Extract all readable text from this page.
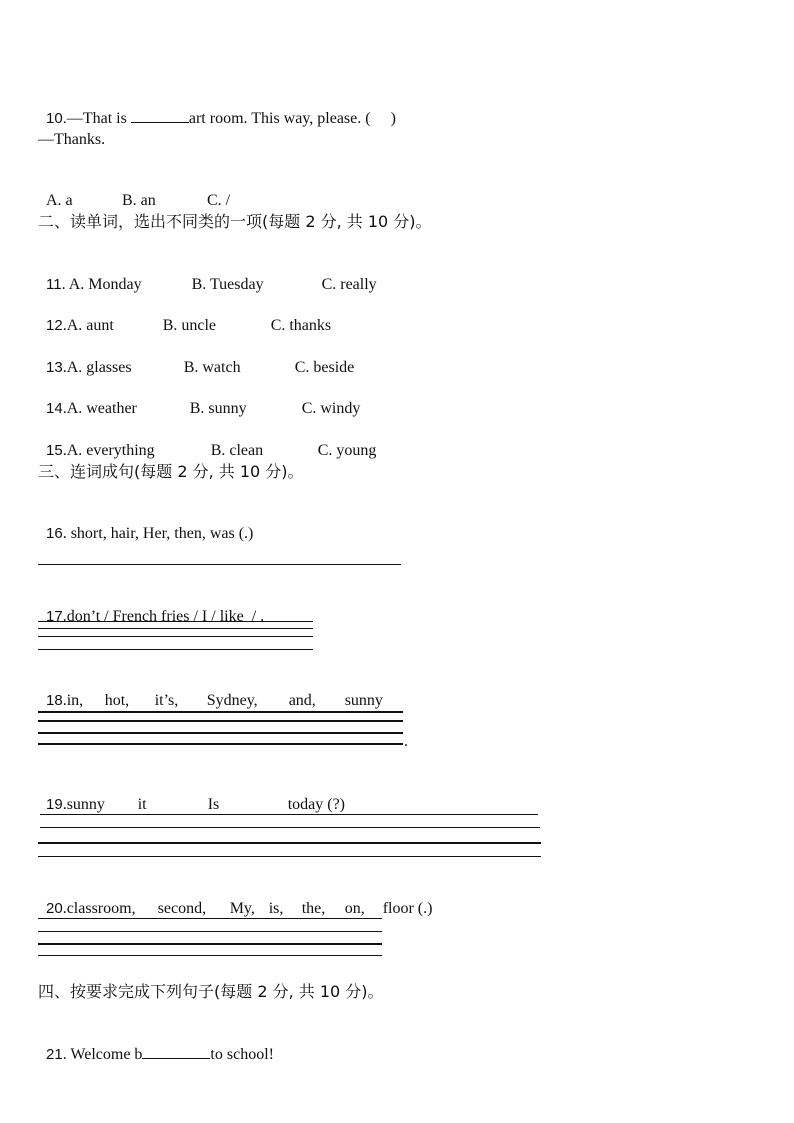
10.—That is	art room. This way, please. (     )

—Thanks.

A. a	B. an	C. /

二、读单词，选出不同类的一项(每题 2 分, 共 10 分)。

11. A. Monday	B. Tuesday	C. really

12.A. aunt	B. uncle	C. thanks

13.A. glasses	B. watch	C. beside

14.A. weather	B. sunny	C. windy

15.A. everything	B. clean	C. young

三、连词成句(每题 2 分, 共 10 分)。

16. short, hair, Her, then, was (.)

17.don’t / French fries / I / like  / .

18.in, hot, it’s, Sydney, and, sunny

.

19.sunny it	Is	today (?)

20.classroom, second, My, is, the, on, floor (.)

四、按要求完成下列句子(每题 2 分, 共 10 分)。

21. Welcome b	to school!
